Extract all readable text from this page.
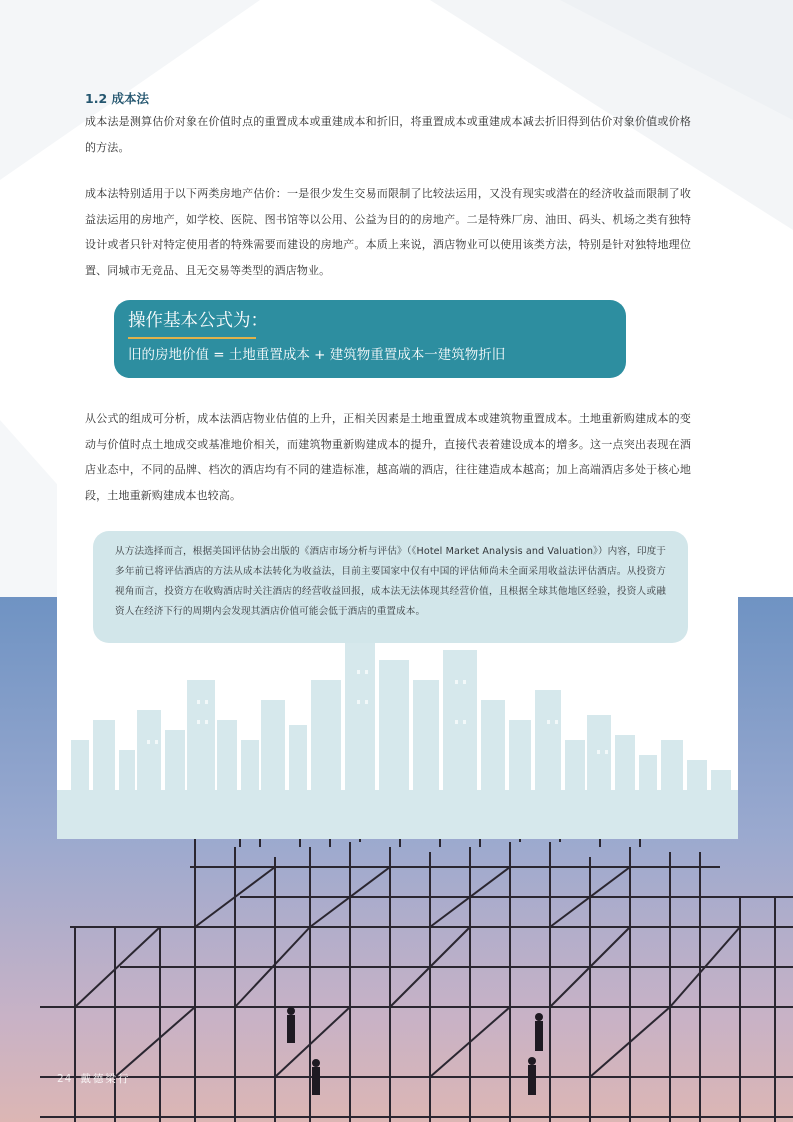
1.2 成本法
成本法是测算估价对象在价值时点的重置成本或重建成本和折旧，将重置成本或重建成本减去折旧得到估价对象价值或价格的方法。
成本法特别适用于以下两类房地产估价：一是很少发生交易而限制了比较法运用，又没有现实或潜在的经济收益而限制了收益法运用的房地产，如学校、医院、图书馆等以公用、公益为目的的房地产。二是特殊厂房、油田、码头、机场之类有独特设计或者只针对特定使用者的特殊需要而建设的房地产。本质上来说，酒店物业可以使用该类方法，特别是针对独特地理位置、同城市无竞品、且无交易等类型的酒店物业。
操作基本公式为：
旧的房地价值 = 土地重置成本 + 建筑物重置成本一建筑物折旧
从公式的组成可分析，成本法酒店物业估值的上升，正相关因素是土地重置成本或建筑物重置成本。土地重新购建成本的变动与价值时点土地成交或基准地价相关，而建筑物重新购建成本的提升，直接代表着建设成本的增多。这一点突出表现在酒店业态中，不同的品牌、档次的酒店均有不同的建造标准，越高端的酒店，往往建造成本越高；加上高端酒店多处于核心地段，土地重新购建成本也较高。
从方法选择而言，根据美国评估协会出版的《酒店市场分析与评估》（《Hotel Market Analysis and Valuation》）内容，印度于多年前已将评估酒店的方法从成本法转化为收益法，目前主要国家中仅有中国的评估师尚未全面采用收益法评估酒店。从投资方视角而言，投资方在收购酒店时关注酒店的经营收益回报，成本法无法体现其经营价值，且根据全球其他地区经验，投资人或融资人在经济下行的周期内会发现其酒店价值可能会低于酒店的重置成本。
24 戴德梁行
